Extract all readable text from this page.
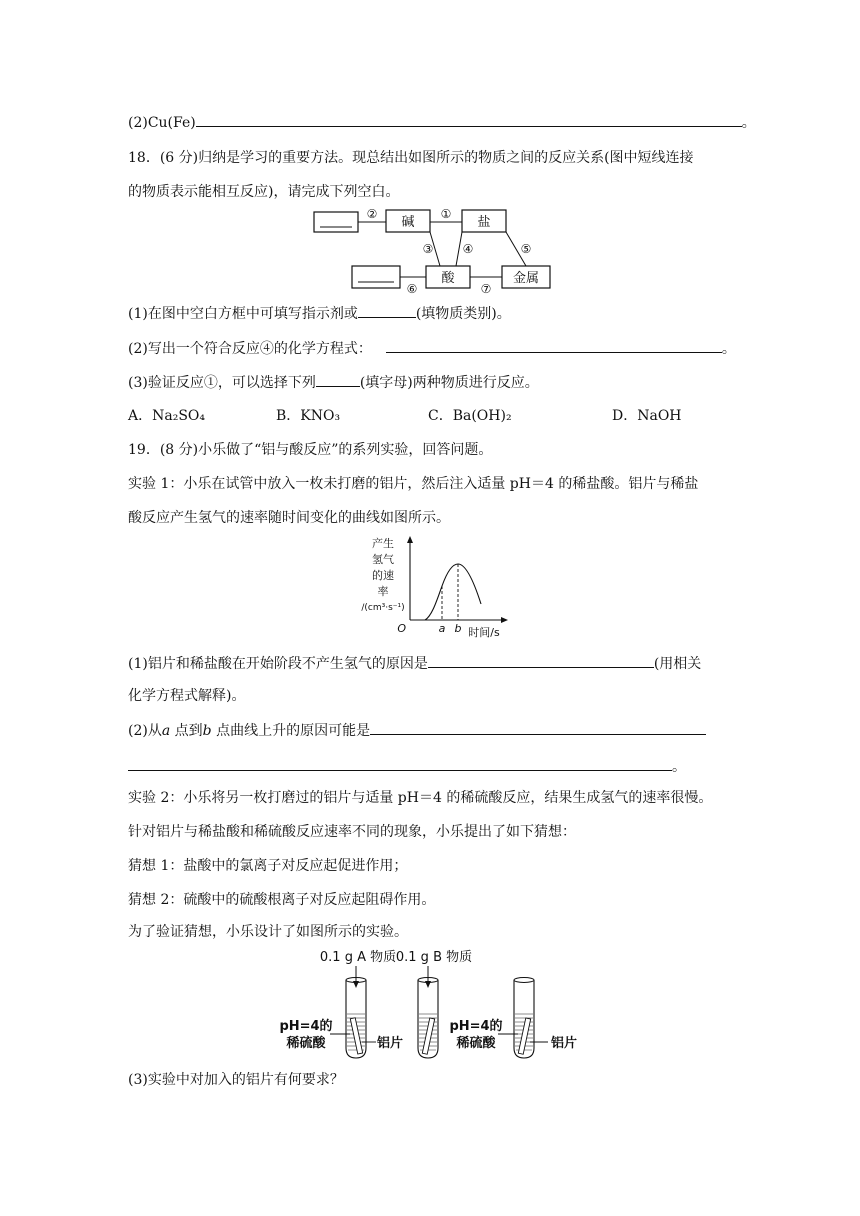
(2)Cu(Fe)	。
18．(6 分)归纳是学习的重要方法。现总结出如图所示的物质之间的反应关系(图中短线连接
的物质表示能相互反应)，请完成下列空白。
碱	盐
②	①
酸	金属
⑥	⑦
③ ④	⑤
(1)在图中空白方框中可填写指示剂或	(填物质类别)。
(2)写出一个符合反应④的化学方程式：	。
(3)验证反应①，可以选择下列	(填字母)两种物质进行反应。
A．Na₂SO₄	B．KNO₃	C．Ba(OH)₂	D．NaOH
19．(8 分)小乐做了“铝与酸反应”的系列实验，回答问题。
实验 1：小乐在试管中放入一枚未打磨的铝片，然后注入适量 pH＝4 的稀盐酸。铝片与稀盐
酸反应产生氢气的速率随时间变化的曲线如图所示。
产生
氢气
的速
率
/(cm³·s⁻¹)
O	a b 时间/s
(1)铝片和稀盐酸在开始阶段不产生氢气的原因是	(用相关
化学方程式解释)。
(2)从a 点到b 点曲线上升的原因可能是
。
实验 2：小乐将另一枚打磨过的铝片与适量 pH＝4 的稀硫酸反应，结果生成氢气的速率很慢。
针对铝片与稀盐酸和稀硫酸反应速率不同的现象，小乐提出了如下猜想：
猜想 1：盐酸中的氯离子对反应起促进作用；
猜想 2：硫酸中的硫酸根离子对反应起阻碍作用。
为了验证猜想，小乐设计了如图所示的实验。
0.1 g A 物质 0.1 g B 物质
pH=4的
稀硫酸	铝片
pH=4的
稀硫酸	铝片
(3)实验中对加入的铝片有何要求？
